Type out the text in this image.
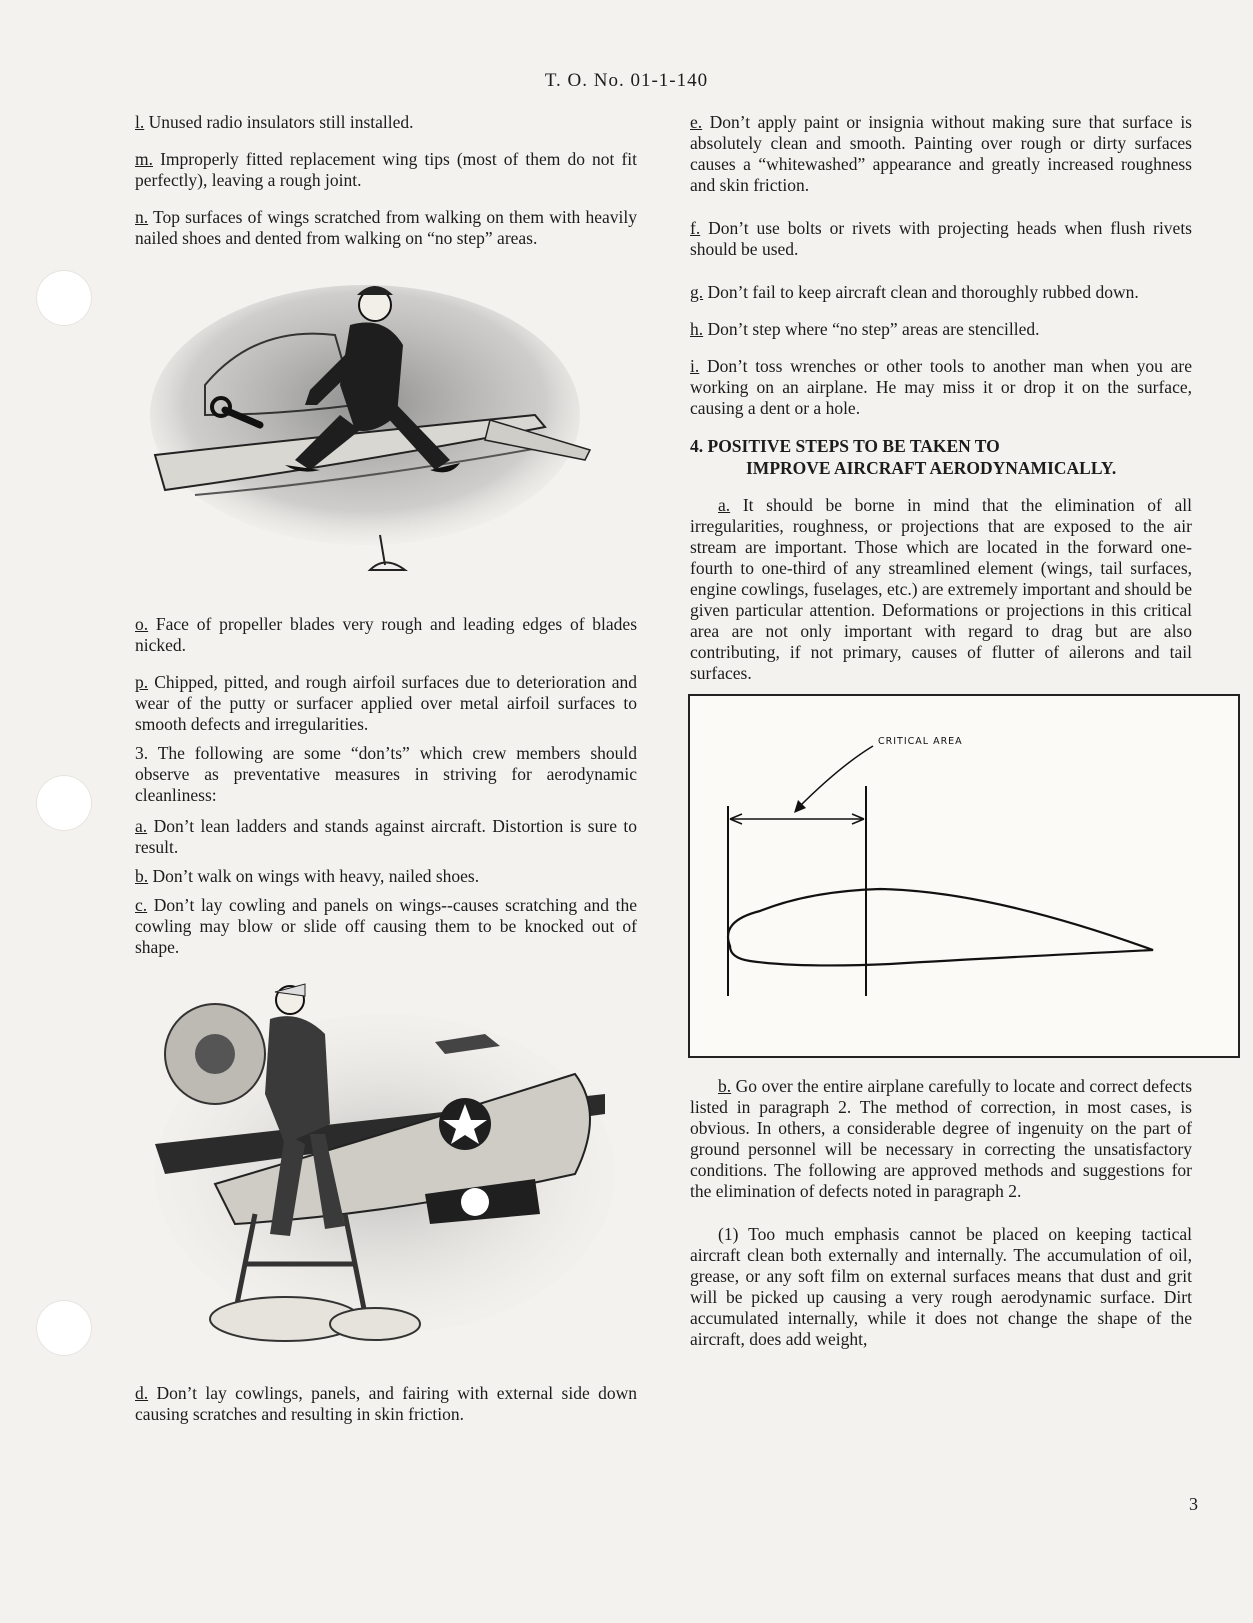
T. O. No. 01-1-140

l. Unused radio insulators still installed.

m. Improperly fitted replacement wing tips (most of them do not fit perfectly), leaving a rough joint.

n. Top surfaces of wings scratched from walking on them with heavily nailed shoes and dented from walking on “no step” areas.

o. Face of propeller blades very rough and leading edges of blades nicked.

p. Chipped, pitted, and rough airfoil surfaces due to deterioration and wear of the putty or surfacer applied over metal airfoil surfaces to smooth defects and irregularities.

3. The following are some “don’ts” which crew members should observe as preventative measures in striving for aerodynamic cleanliness:

a. Don’t lean ladders and stands against aircraft. Distortion is sure to result.

b. Don’t walk on wings with heavy, nailed shoes.

c. Don’t lay cowling and panels on wings--causes scratching and the cowling may blow or slide off causing them to be knocked out of shape.

d. Don’t lay cowlings, panels, and fairing with external side down causing scratches and resulting in skin friction.

e. Don’t apply paint or insignia without making sure that surface is absolutely clean and smooth. Painting over rough or dirty surfaces causes a “whitewashed” appearance and greatly increased roughness and skin friction.

f. Don’t use bolts or rivets with projecting heads when flush rivets should be used.

g. Don’t fail to keep aircraft clean and thoroughly rubbed down.

h. Don’t step where “no step” areas are stencilled.

i. Don’t toss wrenches or other tools to another man when you are working on an airplane. He may miss it or drop it on the surface, causing a dent or a hole.

4. POSITIVE STEPS TO BE TAKEN TO
IMPROVE AIRCRAFT AERODYNAMICALLY.

a. It should be borne in mind that the elimination of all irregularities, roughness, or projections that are exposed to the air stream are important. Those which are located in the forward one-fourth to one-third of any streamlined element (wings, tail surfaces, engine cowlings, fuselages, etc.) are extremely important and should be given particular attention. Deformations or projections in this critical area are not only important with regard to drag but are also contributing, if not primary, causes of flutter of ailerons and tail surfaces.

CRITICAL AREA

b. Go over the entire airplane carefully to locate and correct defects listed in paragraph 2. The method of correction, in most cases, is obvious. In others, a considerable degree of ingenuity on the part of ground personnel will be necessary in correcting the unsatisfactory conditions. The following are approved methods and suggestions for the elimination of defects noted in paragraph 2.

(1) Too much emphasis cannot be placed on keeping tactical aircraft clean both externally and internally. The accumulation of oil, grease, or any soft film on external surfaces means that dust and grit will be picked up causing a very rough aerodynamic surface. Dirt accumulated internally, while it does not change the shape of the aircraft, does add weight,

3
